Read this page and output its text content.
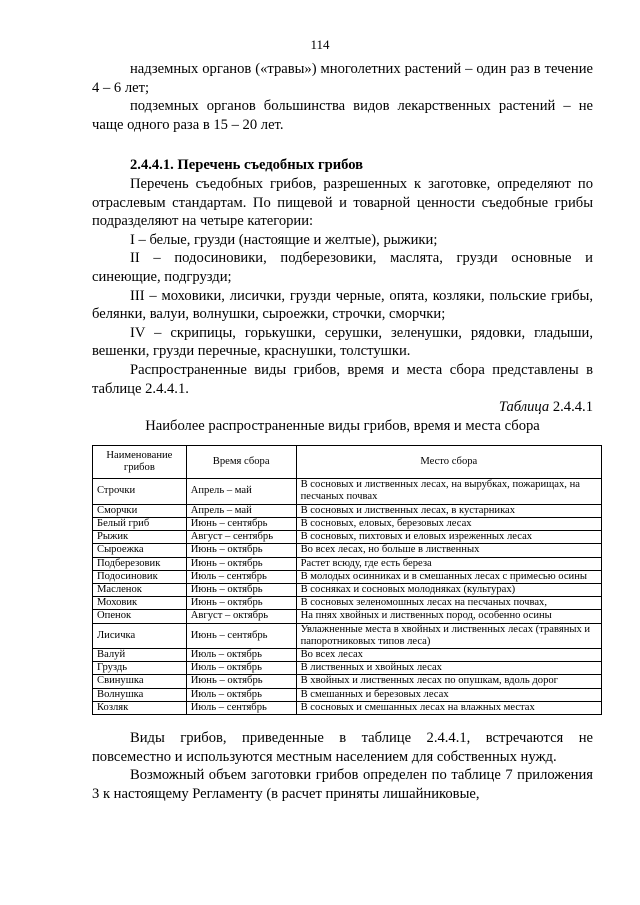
114

надземных органов («травы») многолетних растений – один раз в течение 4 – 6 лет;

подземных органов большинства видов лекарственных растений – не чаще одного раза в 15 – 20 лет.

2.4.4.1. Перечень съедобных грибов

Перечень съедобных грибов, разрешенных к заготовке, определяют по отраслевым стандартам. По пищевой и товарной ценности съедобные грибы подразделяют на четыре категории:

I – белые, грузди (настоящие и желтые), рыжики;

II – подосиновики, подберезовики, маслята, грузди основные и синеющие, подгрузди;

III – моховики, лисички, грузди черные, опята, козляки, польские грибы, белянки, валуи, волнушки, сыроежки, строчки, сморчки;

IV – скрипицы, горькушки, серушки, зеленушки, рядовки, гладыши, вешенки, грузди перечные, краснушки, толстушки.

Распространенные виды грибов, время и места сбора представлены в таблице 2.4.4.1.

Таблица 2.4.4.1
Наиболее распространенные виды грибов, время и места сбора
Наименование грибов	Время сбора	Место сбора
Строчки	Апрель – май	В сосновых и лиственных лесах, на вырубках, пожарищах, на песчаных почвах
Сморчки	Апрель – май	В сосновых и лиственных лесах, в кустарниках
Белый гриб	Июнь – сентябрь	В сосновых, еловых, березовых лесах
Рыжик	Август – сентябрь	В сосновых, пихтовых и еловых изреженных лесах
Сыроежка	Июнь – октябрь	Во всех лесах, но больше в лиственных
Подберезовик	Июнь – октябрь	Растет всюду, где есть береза
Подосиновик	Июль – сентябрь	В молодых осинниках и в смешанных лесах с примесью осины
Масленок	Июнь – октябрь	В сосняках и сосновых молодняках (культурах)
Моховик	Июнь – октябрь	В сосновых зеленомошных лесах на песчаных почвах,
Опенок	Август – октябрь	На пнях хвойных и лиственных пород, особенно осины
Лисичка	Июнь – сентябрь	Увлажненные места в хвойных и лиственных лесах (травяных и папоротниковых типов леса)
Валуй	Июль – октябрь	Во всех лесах
Груздь	Июль – октябрь	В лиственных и хвойных лесах
Свинушка	Июнь – октябрь	В хвойных и лиственных лесах по опушкам, вдоль дорог
Волнушка	Июль – октябрь	В смешанных и березовых лесах
Козляк	Июль – сентябрь	В сосновых и смешанных лесах на влажных местах

Виды грибов, приведенные в таблице 2.4.4.1, встречаются не повсеместно и используются местным населением для собственных нужд.

Возможный объем заготовки грибов определен по таблице 7 приложения 3 к настоящему Регламенту (в расчет приняты лишайниковые,
